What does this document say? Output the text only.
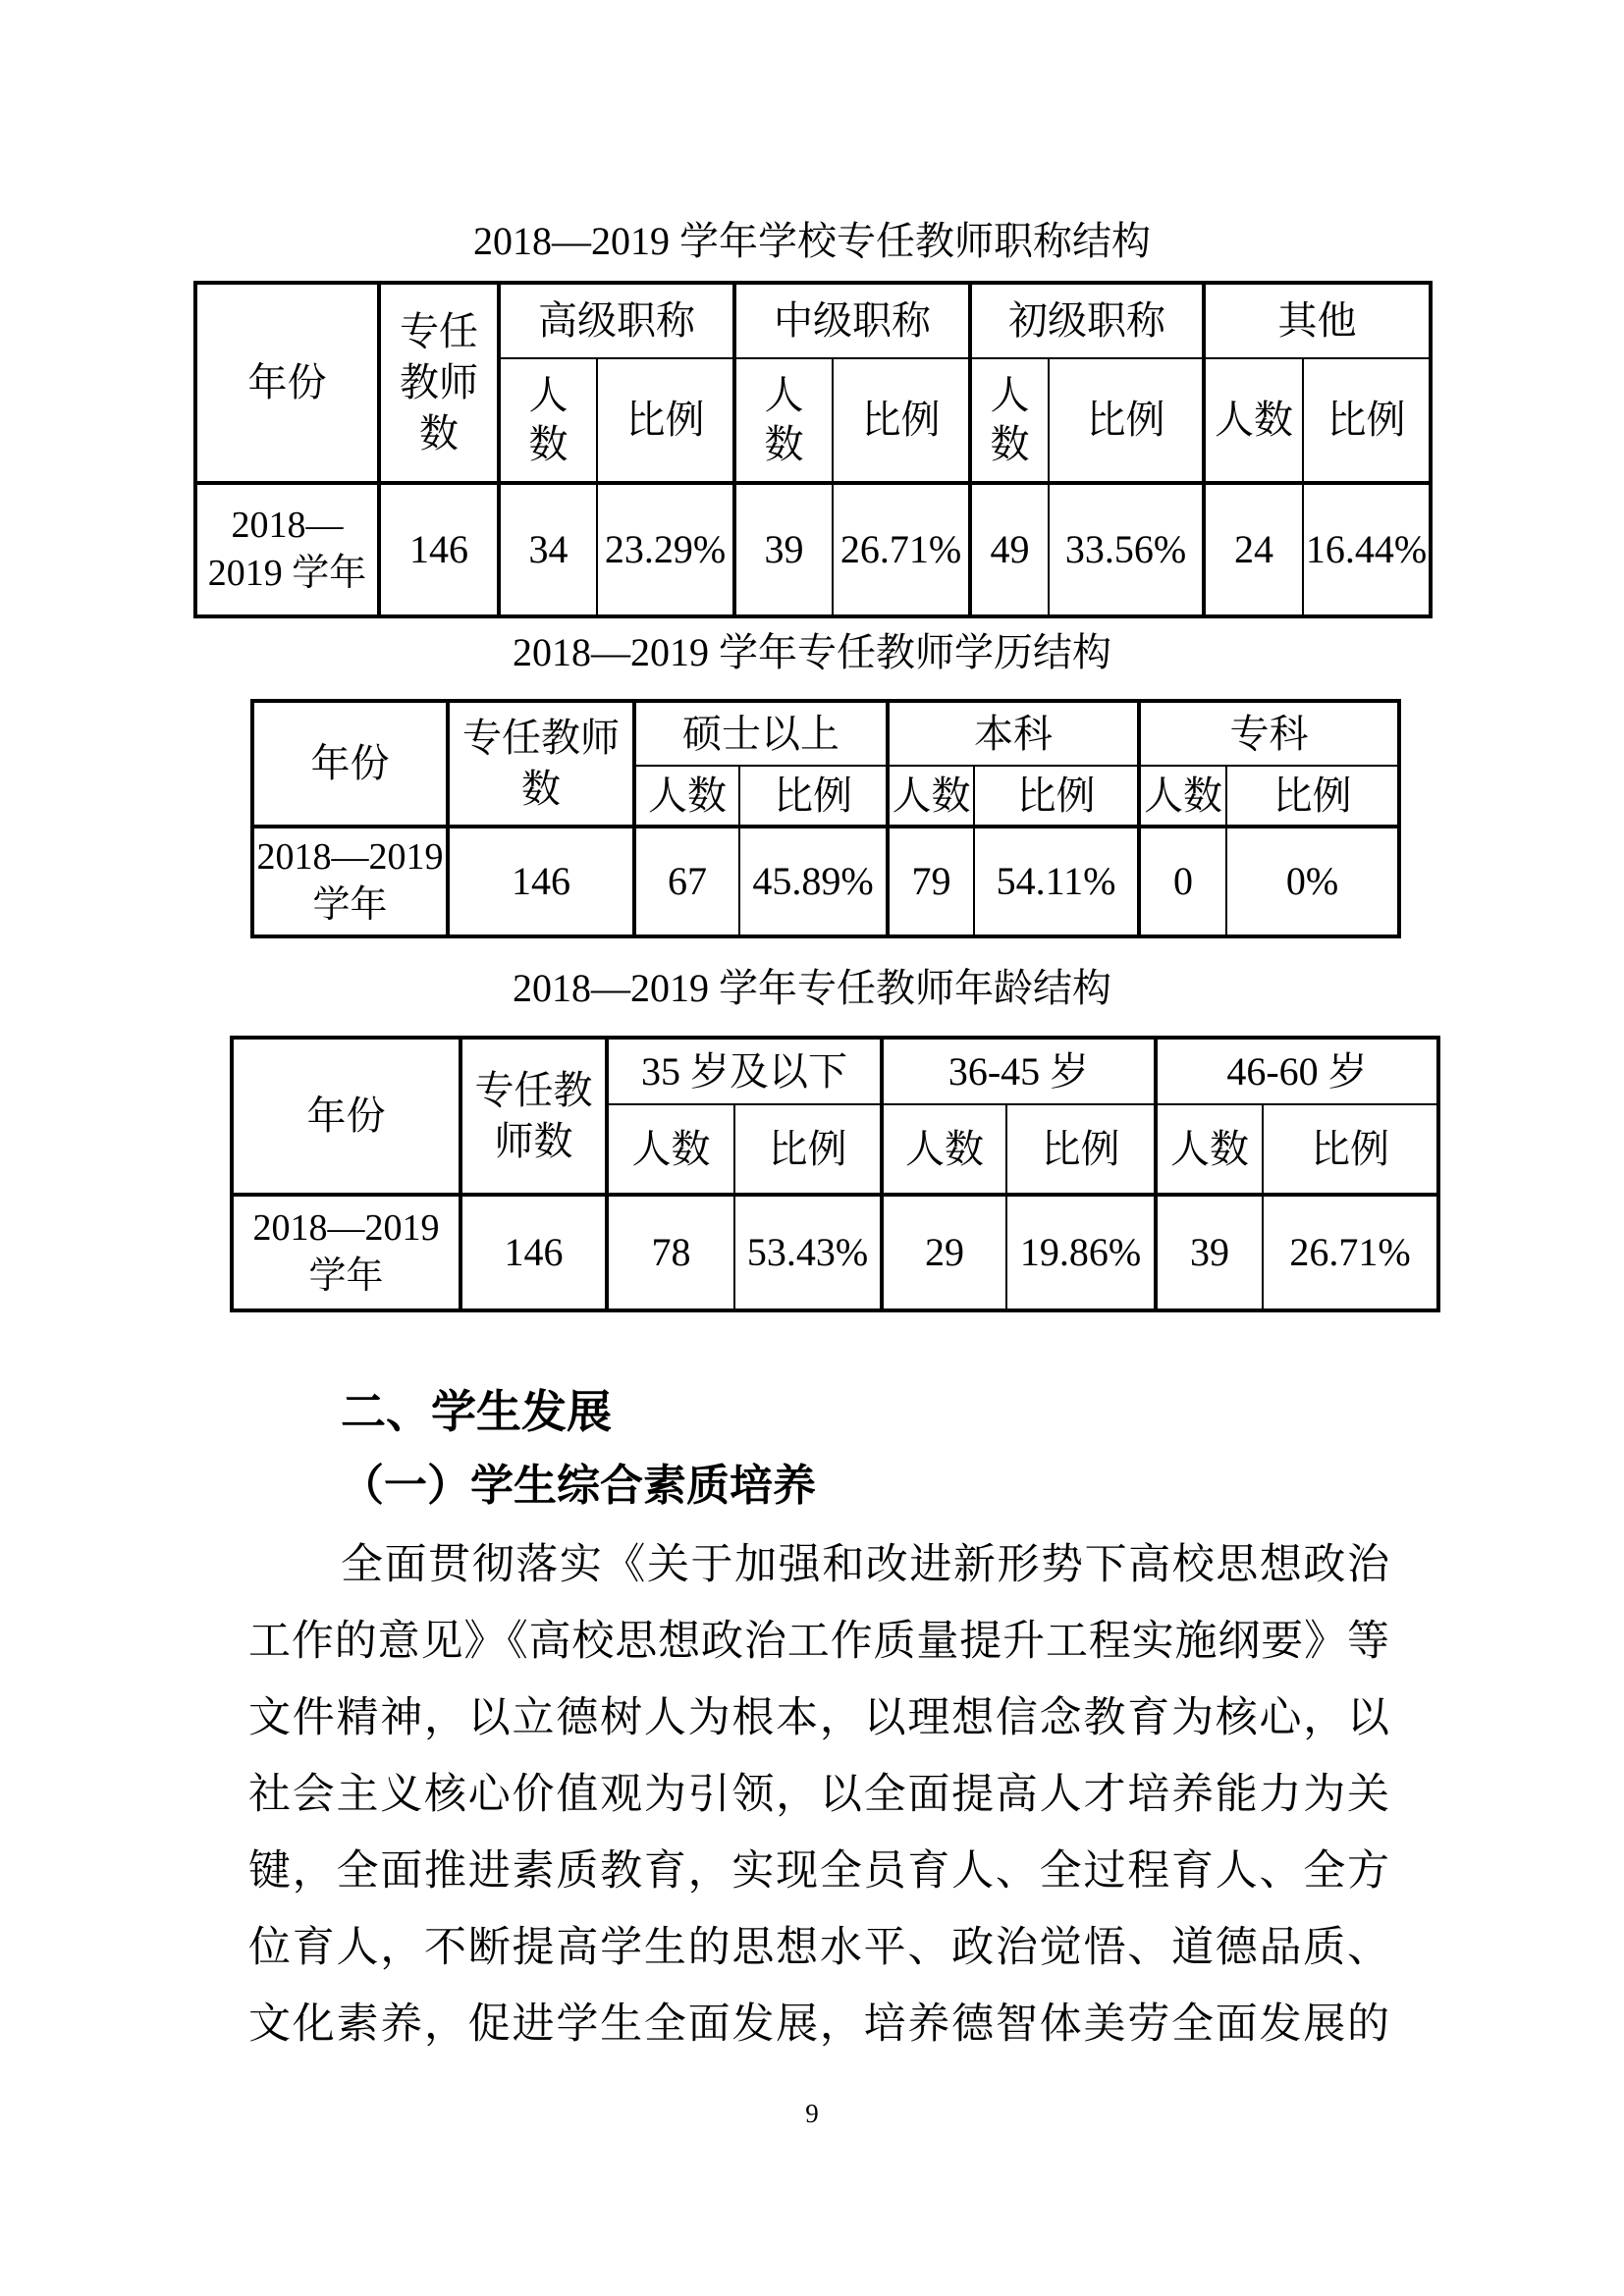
2018—2019 学年学校专任教师职称结构
年份	专任教师数	高级职称		中级职称		初级职称		其他	
		人数	比例	人数	比例	人数	比例	人数	比例
2018—2019 学年	146	34	23.29%	39	26.71%	49	33.56%	24	16.44%
2018—2019 学年专任教师学历结构
年份	专任教师数	硕士以上		本科		专科	
		人数	比例	人数	比例	人数	比例
2018—2019 学年	146	67	45.89%	79	54.11%	0	0%
2018—2019 学年专任教师年龄结构
年份	专任教师数	35 岁及以下		36-45 岁		46-60 岁	
		人数	比例	人数	比例	人数	比例
2018—2019 学年	146	78	53.43%	29	19.86%	39	26.71%
二、学生发展
（一）学生综合素质培养
全面贯彻落实《关于加强和改进新形势下高校思想政治
工作的意见》《高校思想政治工作质量提升工程实施纲要》等
文件精神，以立德树人为根本，以理想信念教育为核心，以
社会主义核心价值观为引领，以全面提高人才培养能力为关
键，全面推进素质教育，实现全员育人、全过程育人、全方
位育人，不断提高学生的思想水平、政治觉悟、道德品质、
文化素养，促进学生全面发展，培养德智体美劳全面发展的
9
